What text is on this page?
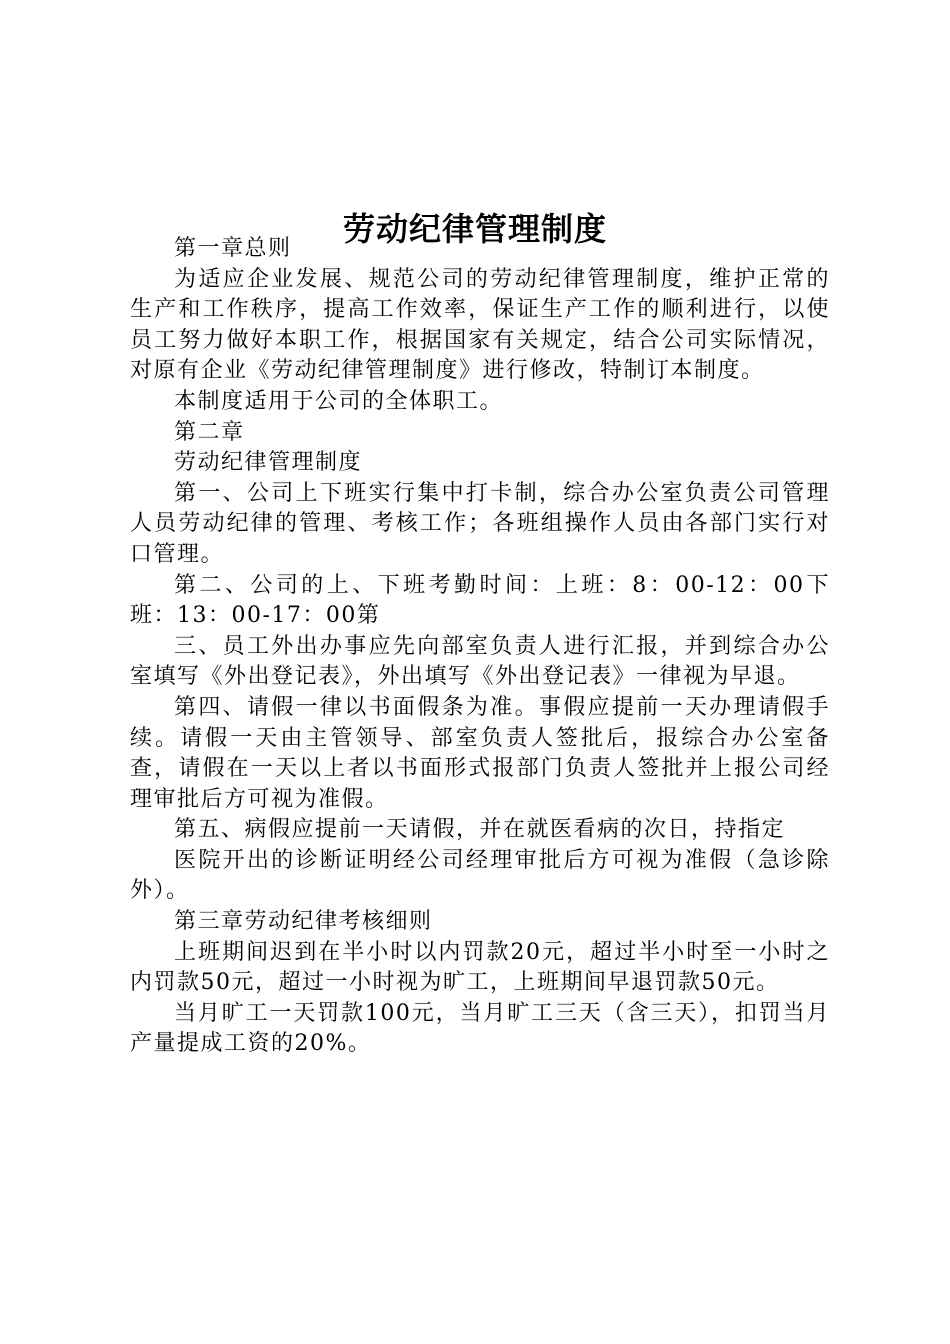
劳动纪律管理制度

第一章总则

为适应企业发展、规范公司的劳动纪律管理制度，维护正常的生产和工作秩序，提高工作效率，保证生产工作的顺利进行，以使员工努力做好本职工作，根据国家有关规定，结合公司实际情况，对原有企业《劳动纪律管理制度》进行修改，特制订本制度。

本制度适用于公司的全体职工。

第二章

劳动纪律管理制度

第一、公司上下班实行集中打卡制，综合办公室负责公司管理人员劳动纪律的管理、考核工作；各班组操作人员由各部门实行对口管理。

第二、公司的上、下班考勤时间：上班：8：00-12：00下班：13：00-17：00第

三、员工外出办事应先向部室负责人进行汇报，并到综合办公室填写《外出登记表》，外出填写《外出登记表》一律视为早退。

第四、请假一律以书面假条为准。事假应提前一天办理请假手续。请假一天由主管领导、部室负责人签批后，报综合办公室备查，请假在一天以上者以书面形式报部门负责人签批并上报公司经理审批后方可视为准假。

第五、病假应提前一天请假，并在就医看病的次日，持指定

医院开出的诊断证明经公司经理审批后方可视为准假（急诊除外）。

第三章劳动纪律考核细则

上班期间迟到在半小时以内罚款20元，超过半小时至一小时之内罚款50元，超过一小时视为旷工，上班期间早退罚款50元。

当月旷工一天罚款100元，当月旷工三天（含三天），扣罚当月产量提成工资的20%。
